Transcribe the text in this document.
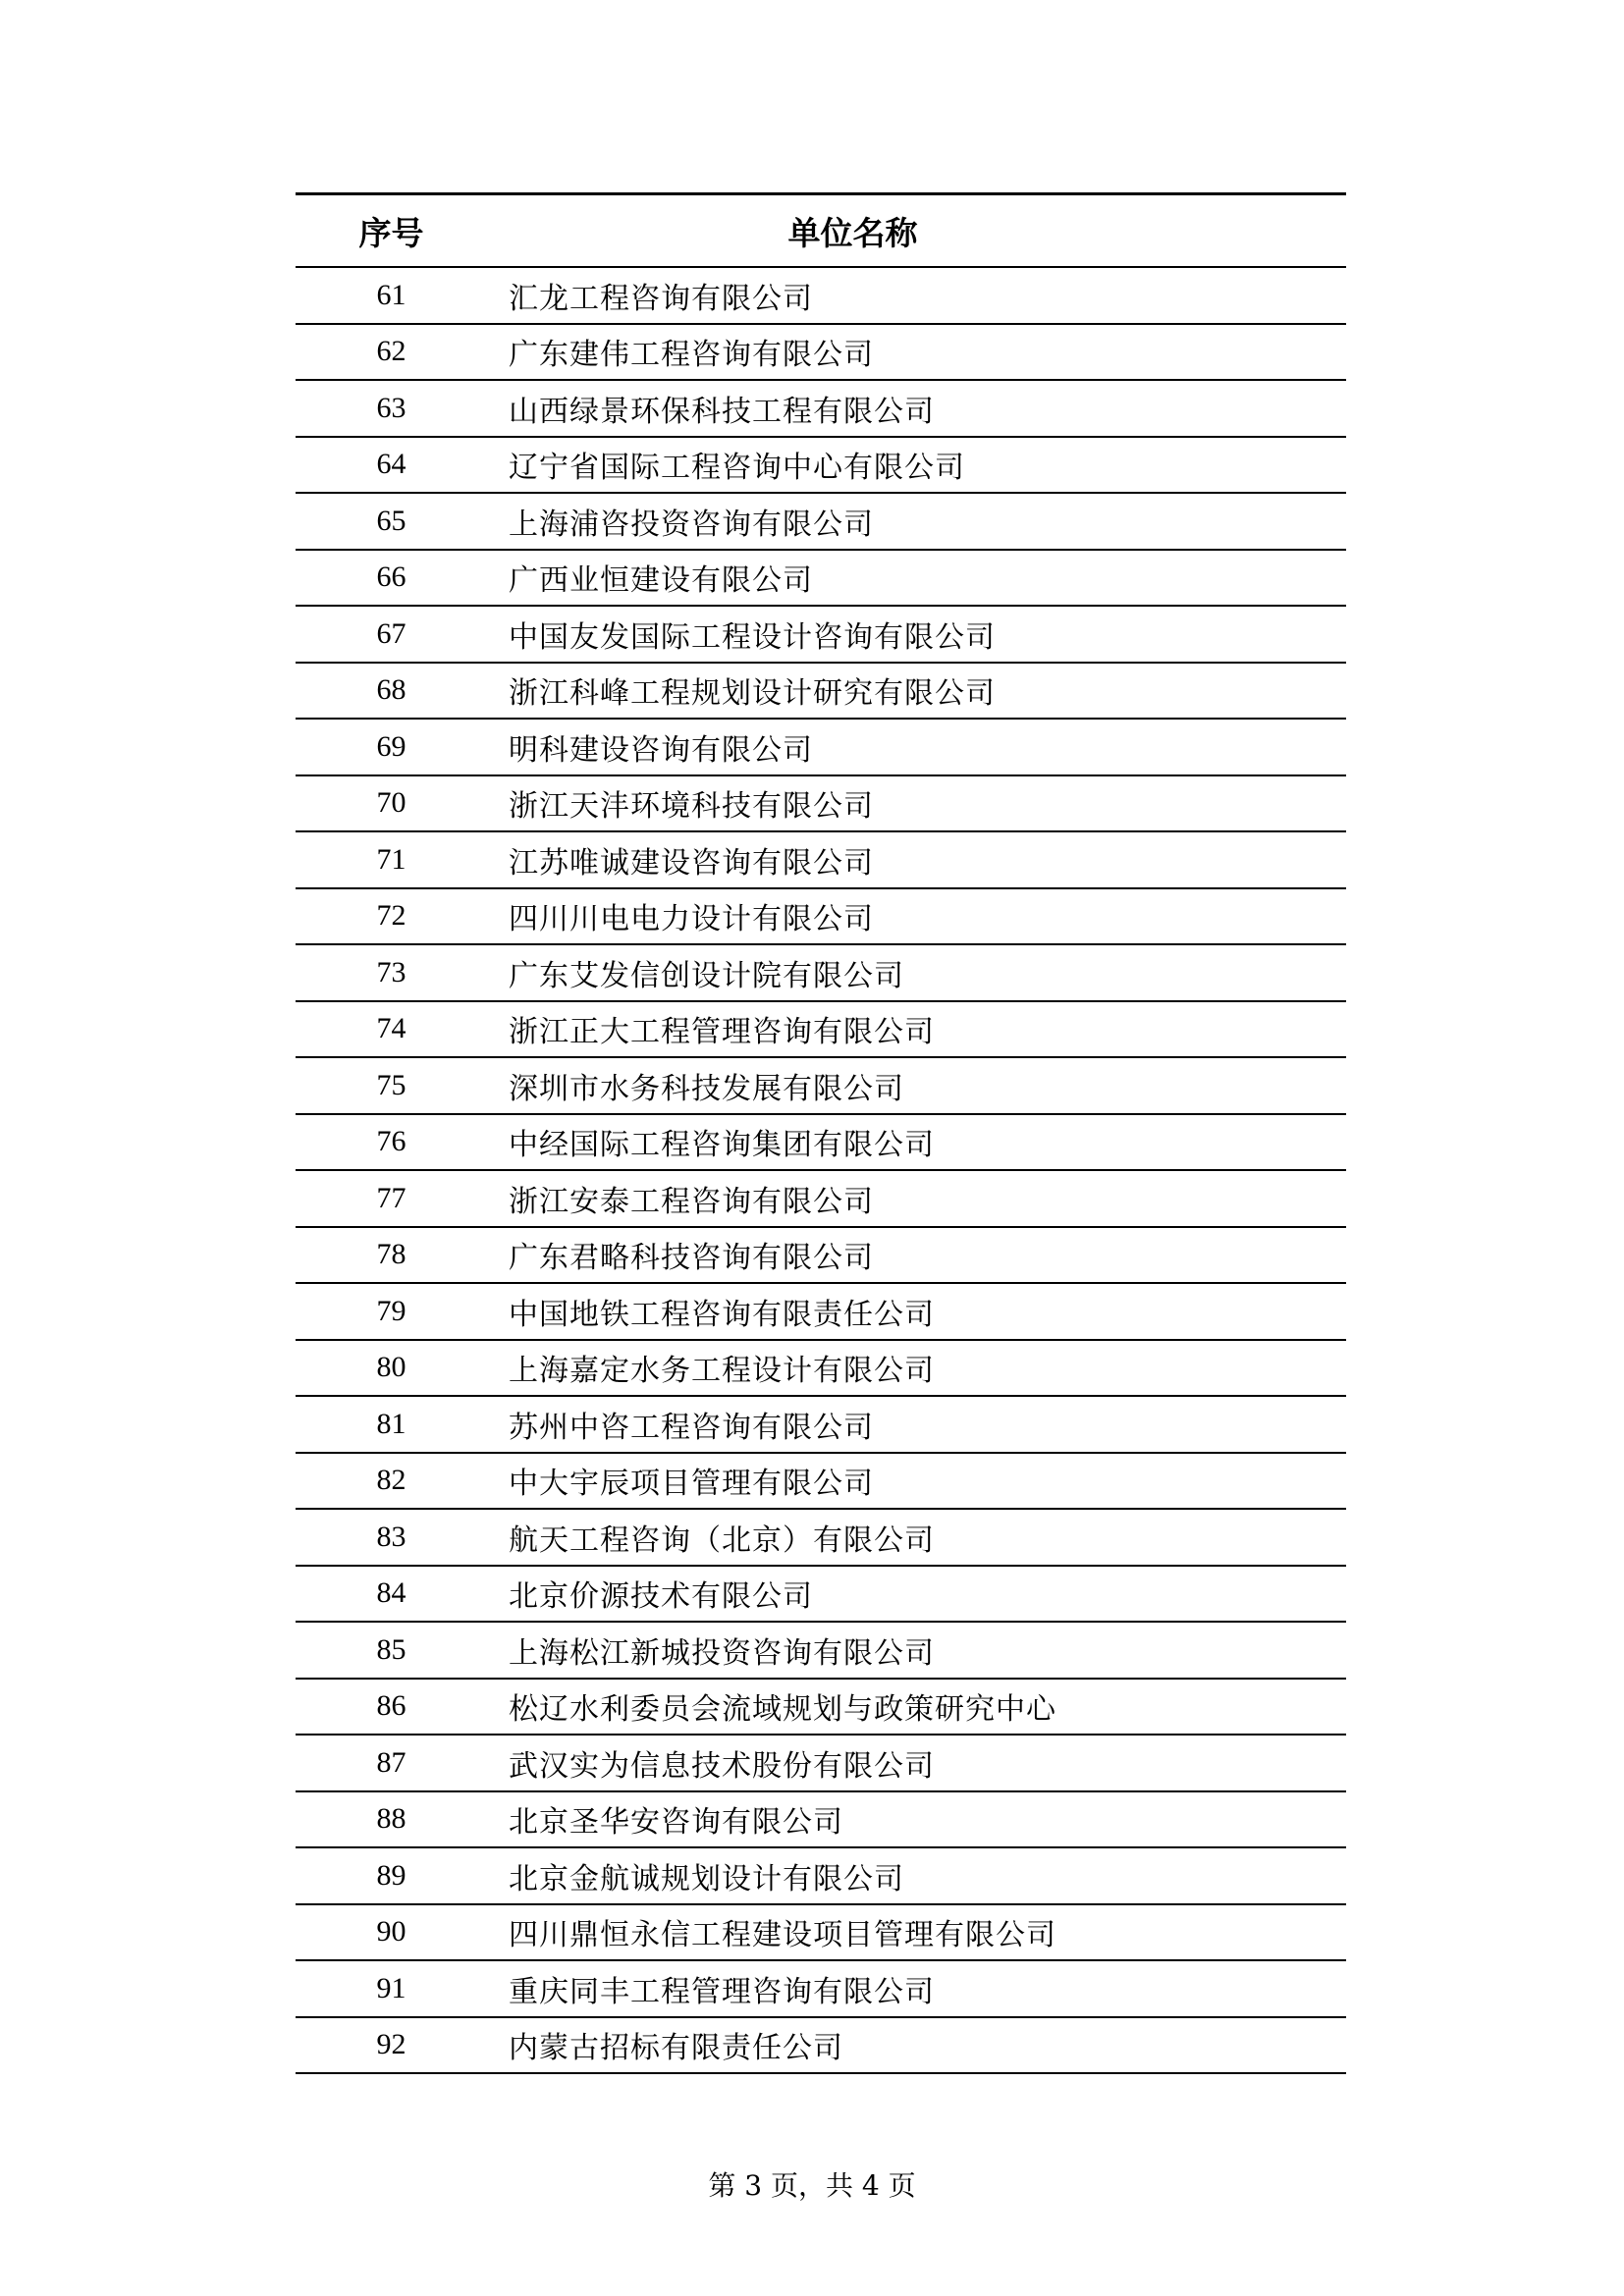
序号	单位名称
61	汇龙工程咨询有限公司
62	广东建伟工程咨询有限公司
63	山西绿景环保科技工程有限公司
64	辽宁省国际工程咨询中心有限公司
65	上海浦咨投资咨询有限公司
66	广西业恒建设有限公司
67	中国友发国际工程设计咨询有限公司
68	浙江科峰工程规划设计研究有限公司
69	明科建设咨询有限公司
70	浙江天沣环境科技有限公司
71	江苏唯诚建设咨询有限公司
72	四川川电电力设计有限公司
73	广东艾发信创设计院有限公司
74	浙江正大工程管理咨询有限公司
75	深圳市水务科技发展有限公司
76	中经国际工程咨询集团有限公司
77	浙江安泰工程咨询有限公司
78	广东君略科技咨询有限公司
79	中国地铁工程咨询有限责任公司
80	上海嘉定水务工程设计有限公司
81	苏州中咨工程咨询有限公司
82	中大宇辰项目管理有限公司
83	航天工程咨询（北京）有限公司
84	北京价源技术有限公司
85	上海松江新城投资咨询有限公司
86	松辽水利委员会流域规划与政策研究中心
87	武汉实为信息技术股份有限公司
88	北京圣华安咨询有限公司
89	北京金航诚规划设计有限公司
90	四川鼎恒永信工程建设项目管理有限公司
91	重庆同丰工程管理咨询有限公司
92	内蒙古招标有限责任公司
第 3 页，共 4 页
